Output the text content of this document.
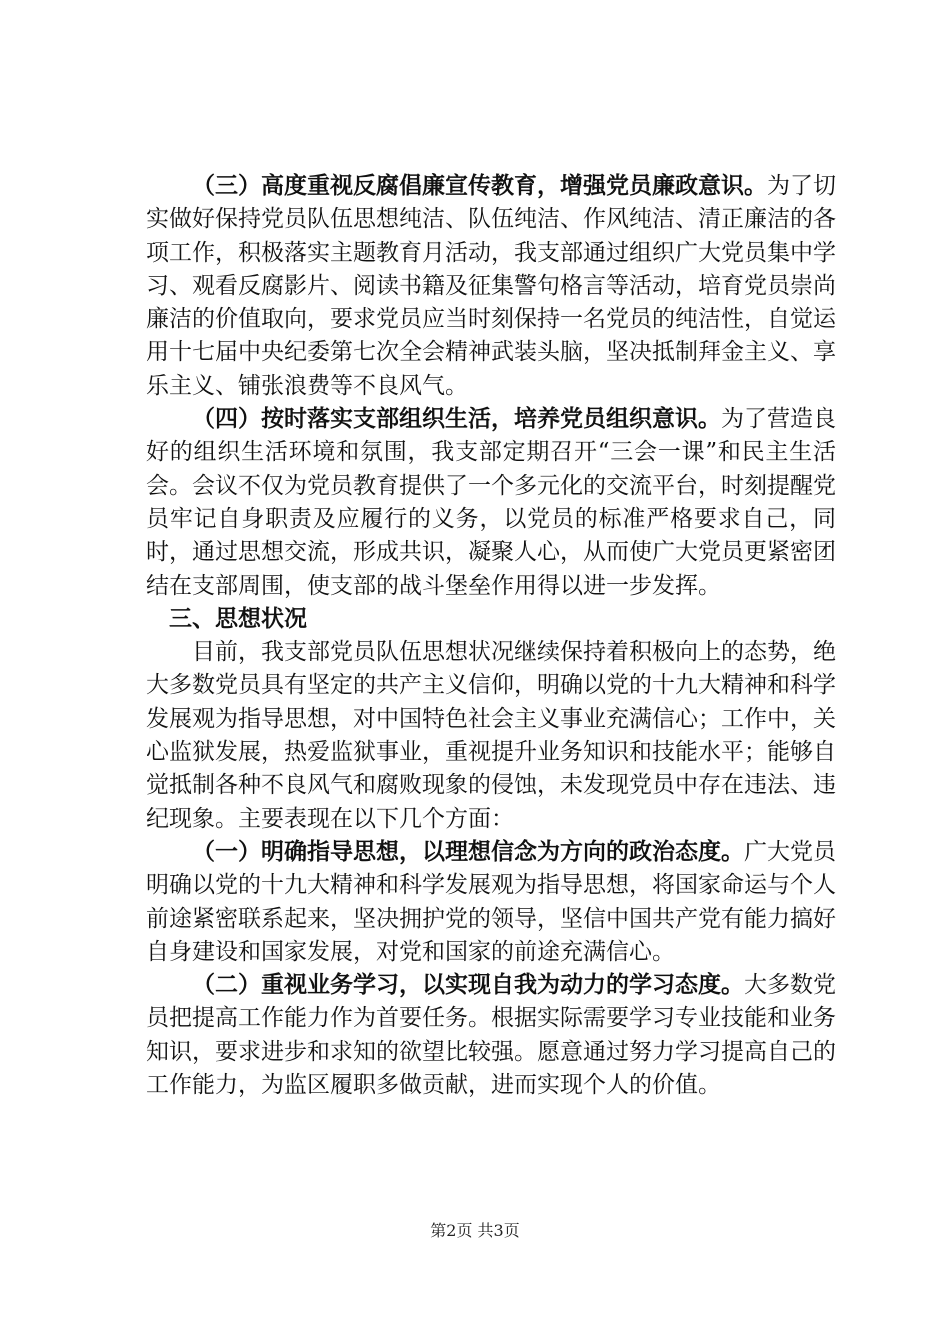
（三）高度重视反腐倡廉宣传教育，增强党员廉政意识。为了切实做好保持党员队伍思想纯洁、队伍纯洁、作风纯洁、清正廉洁的各项工作，积极落实主题教育月活动，我支部通过组织广大党员集中学习、观看反腐影片、阅读书籍及征集警句格言等活动，培育党员崇尚廉洁的价值取向，要求党员应当时刻保持一名党员的纯洁性，自觉运用十七届中央纪委第七次全会精神武装头脑，坚决抵制拜金主义、享乐主义、铺张浪费等不良风气。

（四）按时落实支部组织生活，培养党员组织意识。为了营造良好的组织生活环境和氛围，我支部定期召开“三会一课”和民主生活会。会议不仅为党员教育提供了一个多元化的交流平台，时刻提醒党员牢记自身职责及应履行的义务，以党员的标准严格要求自己，同时，通过思想交流，形成共识，凝聚人心，从而使广大党员更紧密团结在支部周围，使支部的战斗堡垒作用得以进一步发挥。

三、思想状况

目前，我支部党员队伍思想状况继续保持着积极向上的态势，绝大多数党员具有坚定的共产主义信仰，明确以党的十九大精神和科学发展观为指导思想，对中国特色社会主义事业充满信心；工作中，关心监狱发展，热爱监狱事业，重视提升业务知识和技能水平；能够自觉抵制各种不良风气和腐败现象的侵蚀，未发现党员中存在违法、违纪现象。主要表现在以下几个方面：

（一）明确指导思想，以理想信念为方向的政治态度。广大党员明确以党的十九大精神和科学发展观为指导思想，将国家命运与个人前途紧密联系起来，坚决拥护党的领导，坚信中国共产党有能力搞好自身建设和国家发展，对党和国家的前途充满信心。

（二）重视业务学习，以实现自我为动力的学习态度。大多数党员把提高工作能力作为首要任务。根据实际需要学习专业技能和业务知识，要求进步和求知的欲望比较强。愿意通过努力学习提高自己的工作能力，为监区履职多做贡献，进而实现个人的价值。

第2页 共3页
